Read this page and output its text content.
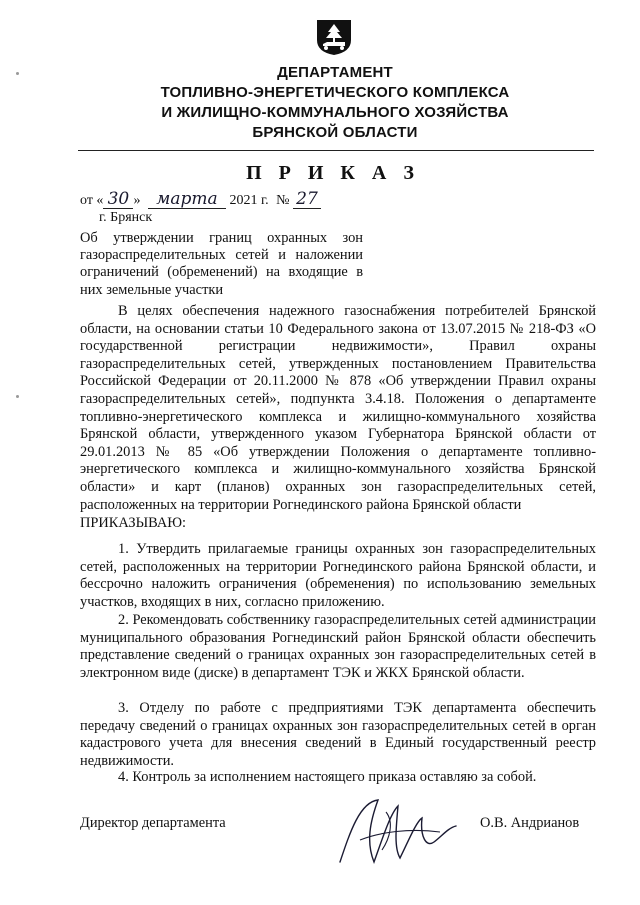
ДЕПАРТАМЕНТ
ТОПЛИВНО-ЭНЕРГЕТИЧЕСКОГО КОМПЛЕКСА
И ЖИЛИЩНО-КОММУНАЛЬНОГО ХОЗЯЙСТВА
БРЯНСКОЙ ОБЛАСТИ
П Р И К А З
от « 30 » марта 2021 г. № 27
г. Брянск
Об утверждении границ охранных зон газораспределительных сетей и наложении ограничений (обременений) на входящие в них земельные участки
В целях обеспечения надежного газоснабжения потребителей Брянской области, на основании статьи 10 Федерального закона от 13.07.2015 № 218-ФЗ «О государственной регистрации недвижимости», Правил охраны газораспределительных сетей, утвержденных постановлением Правительства Российской Федерации от 20.11.2000 № 878 «Об утверждении Правил охраны газораспределительных сетей», подпункта 3.4.18. Положения о департаменте топливно-энергетического комплекса и жилищно-коммунального хозяйства Брянской области, утвержденного указом Губернатора Брянской области от 29.01.2013 № 85 «Об утверждении Положения о департаменте топливно-энергетического комплекса и жилищно-коммунального хозяйства Брянской области» и карт (планов) охранных зон газораспределительных сетей, расположенных на территории Рогнединского района Брянской области
ПРИКАЗЫВАЮ:
1. Утвердить прилагаемые границы охранных зон газораспределительных сетей, расположенных на территории Рогнединского района Брянской области, и бессрочно наложить ограничения (обременения) по использованию земельных участков, входящих в них, согласно приложению.
2. Рекомендовать собственнику газораспределительных сетей администрации муниципального образования Рогнединский район Брянской области обеспечить представление сведений о границах охранных зон газораспределительных сетей в электронном виде (диске) в департамент ТЭК и ЖКХ Брянской области.
3. Отделу по работе с предприятиями ТЭК департамента обеспечить передачу сведений о границах охранных зон газораспределительных сетей в орган кадастрового учета для внесения сведений в Единый государственный реестр недвижимости.
4. Контроль за исполнением настоящего приказа оставляю за собой.
Директор департамента	О.В. Андрианов
